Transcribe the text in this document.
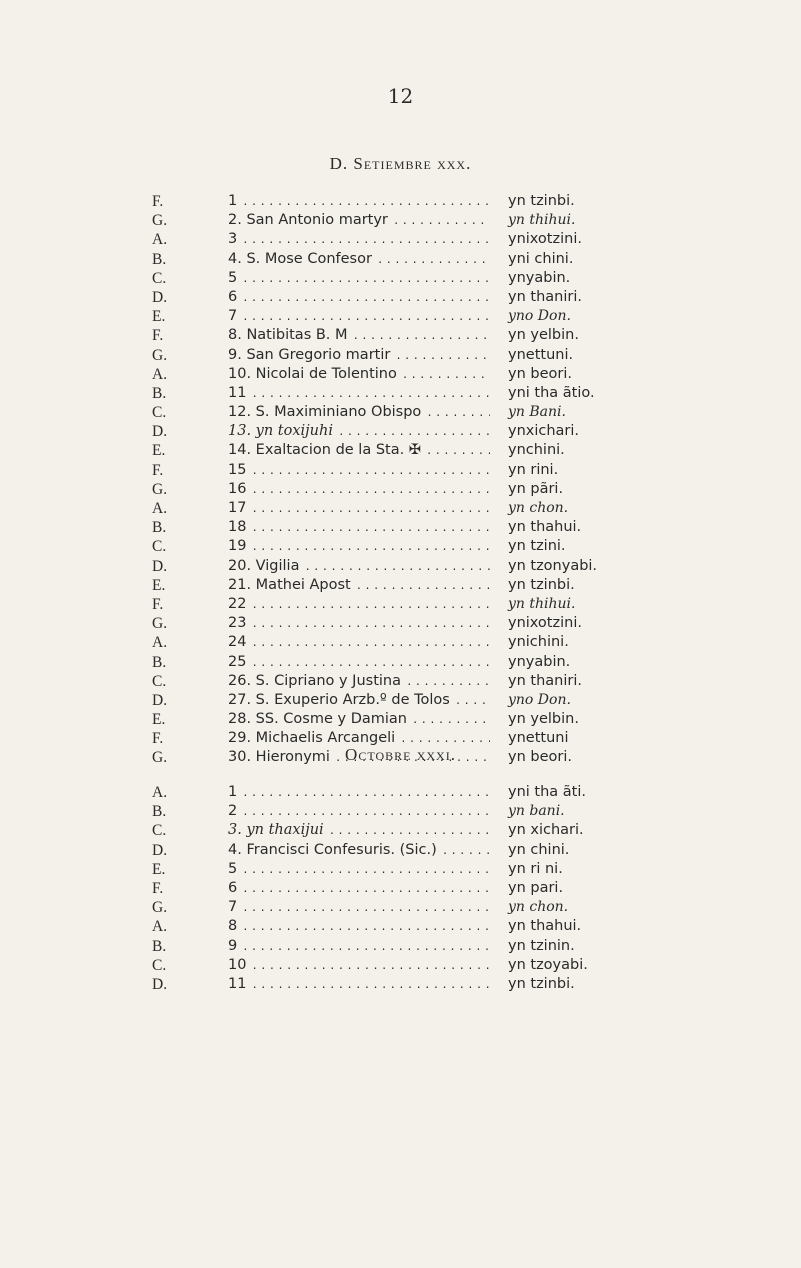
12
D. Setiembre xxx.
F.	1 . . .	yn tzinbi.
G.	2. San Antonio martyr . . .	yn thihui.
A.	3 . . .	ynixotzini.
B.	4. S. Mose Confesor . . .	yni chini.
C.	5 . . .	ynyabin.
D.	6 . . .	yn thaniri.
E.	7 . . .	yno Don.
F.	8. Natibitas B. M . . .	yn yelbin.
G.	9. San Gregorio martir . . .	ynettuni.
A.	10. Nicolai de Tolentino . . .	yn beori.
B.	11 . . .	yni tha ãtio.
C.	12. S. Maximiniano Obispo . . .	yn Bani.
D.	13. yn toxijuhi . . .	ynxichari.
E.	14. Exaltacion de la Sta. ✠ . . .	ynchini.
F.	15 . . .	yn rini.
G.	16 . . .	yn pãri.
A.	17 . . .	yn chon.
B.	18 . . .	yn thahui.
C.	19 . . .	yn tzini.
D.	20. Vigilia . . .	yn tzonyabi.
E.	21. Mathei Apost . . .	yn tzinbi.
F.	22 . . .	yn thihui.
G.	23 . . .	ynixotzini.
A.	24 . . .	ynichini.
B.	25 . . .	ynyabin.
C.	26. S. Cipriano y Justina . . .	yn thaniri.
D.	27. S. Exuperio Arzb.º de Tolos . . .	yno Don.
E.	28. SS. Cosme y Damian . . .	yn yelbin.
F.	29. Michaelis Arcangeli . . .	ynettuni
G.	30. Hieronymi . . .	yn beori.
Octobre xxxi.
A.	1 . . .	yni tha ãti.
B.	2 . . .	yn bani.
C.	3. yn thaxijui . . .	yn xichari.
D.	4. Francisci Confesuris. (Sic.) . . .	yn chini.
E.	5 . . .	yn ri ni.
F.	6 . . .	yn pari.
G.	7 . . .	yn chon.
A.	8 . . .	yn thahui.
B.	9 . . .	yn tzinin.
C.	10 . . .	yn tzoyabi.
D.	11 . . .	yn tzinbi.
